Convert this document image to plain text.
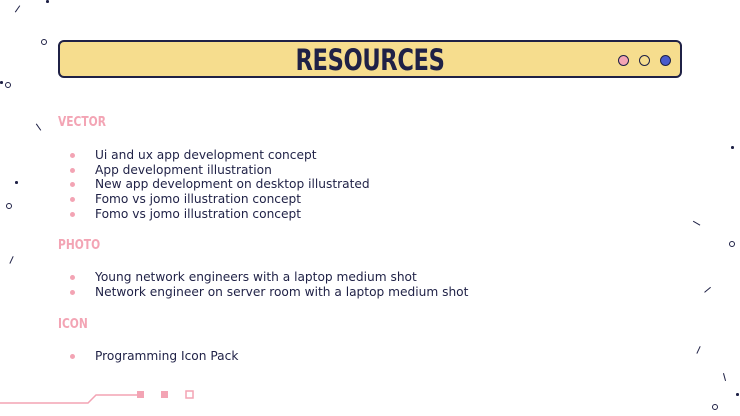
RESOURCES
VECTOR
Ui and ux app development concept
App development illustration
New app development on desktop illustrated
Fomo vs jomo illustration concept
Fomo vs jomo illustration concept
PHOTO
Young network engineers with a laptop medium shot
Network engineer on server room with a laptop medium shot
ICON
Programming Icon Pack
